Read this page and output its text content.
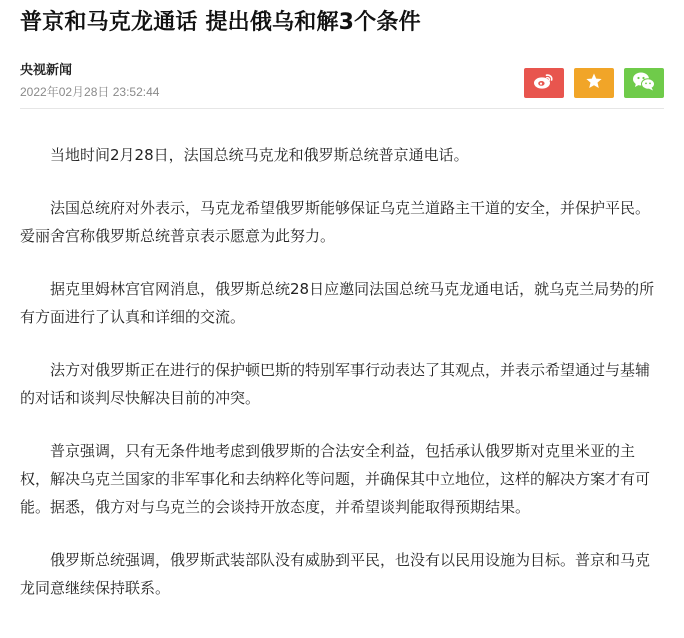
普京和马克龙通话 提出俄乌和解3个条件
央视新闻
2022年02月28日 23:52:44

当地时间2月28日，法国总统马克龙和俄罗斯总统普京通电话。

法国总统府对外表示，马克龙希望俄罗斯能够保证乌克兰道路主干道的安全，并保护平民。爱丽舍宫称俄罗斯总统普京表示愿意为此努力。

据克里姆林宫官网消息，俄罗斯总统28日应邀同法国总统马克龙通电话，就乌克兰局势的所有方面进行了认真和详细的交流。

法方对俄罗斯正在进行的保护顿巴斯的特别军事行动表达了其观点，并表示希望通过与基辅的对话和谈判尽快解决目前的冲突。

普京强调，只有无条件地考虑到俄罗斯的合法安全利益，包括承认俄罗斯对克里米亚的主权，解决乌克兰国家的非军事化和去纳粹化等问题，并确保其中立地位，这样的解决方案才有可能。据悉，俄方对与乌克兰的会谈持开放态度，并希望谈判能取得预期结果。

俄罗斯总统强调，俄罗斯武装部队没有威胁到平民，也没有以民用设施为目标。普京和马克龙同意继续保持联系。
